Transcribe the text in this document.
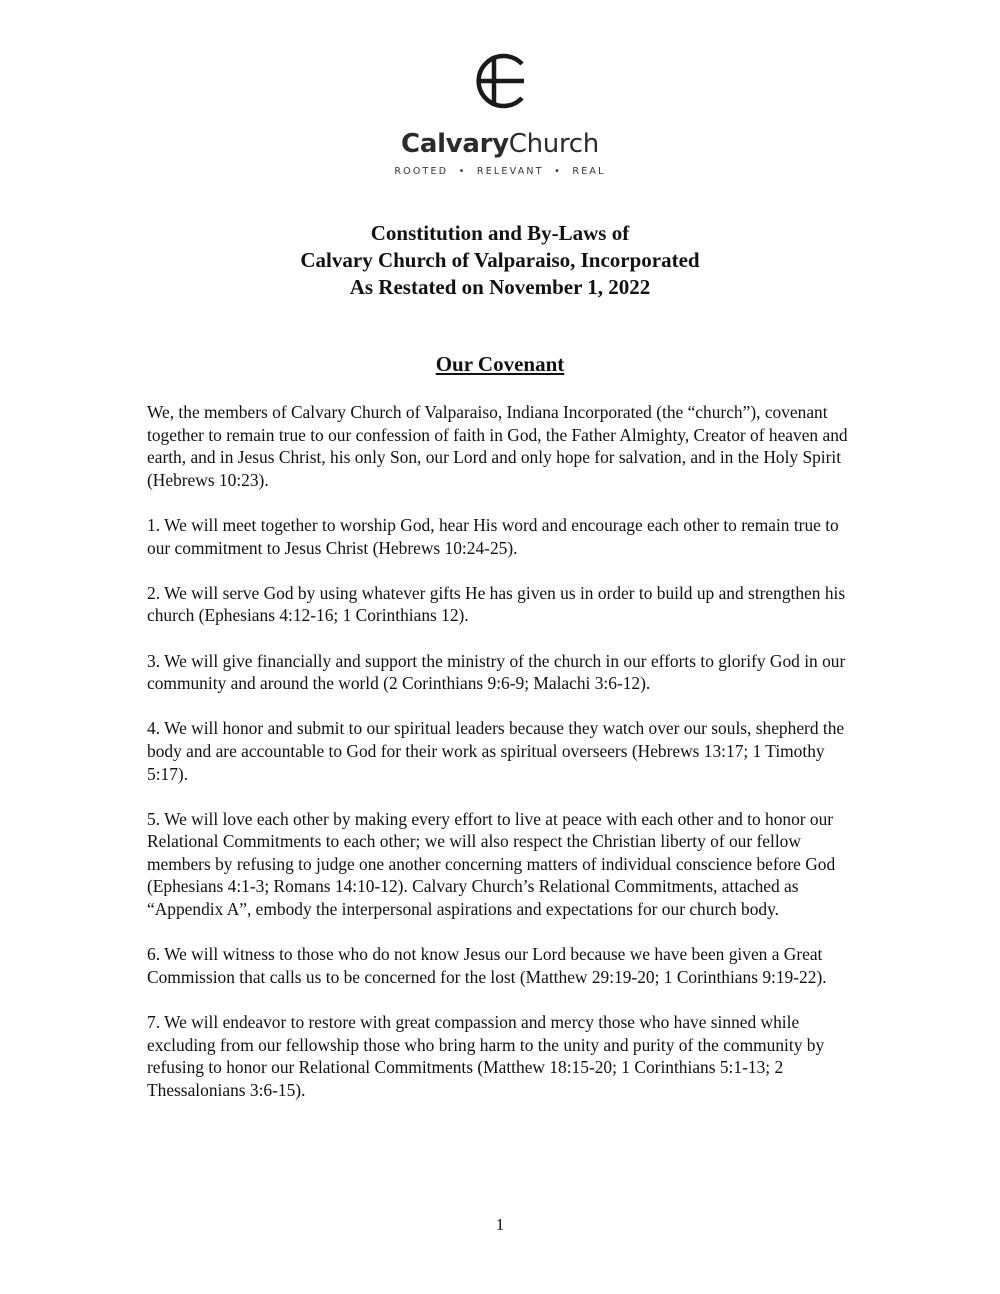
CalvaryChurch
ROOTED  •  RELEVANT  •  REAL
Constitution and By-Laws of
Calvary Church of Valparaiso, Incorporated
As Restated on November 1, 2022
Our Covenant

We, the members of Calvary Church of Valparaiso, Indiana Incorporated (the “church”), covenant together to remain true to our confession of faith in God, the Father Almighty, Creator of heaven and earth, and in Jesus Christ, his only Son, our Lord and only hope for salvation, and in the Holy Spirit (Hebrews 10:23).

1. We will meet together to worship God, hear His word and encourage each other to remain true to our commitment to Jesus Christ (Hebrews 10:24-25).

2. We will serve God by using whatever gifts He has given us in order to build up and strengthen his church (Ephesians 4:12-16; 1 Corinthians 12).

3. We will give financially and support the ministry of the church in our efforts to glorify God in our community and around the world (2 Corinthians 9:6-9; Malachi 3:6-12).

4. We will honor and submit to our spiritual leaders because they watch over our souls, shepherd the body and are accountable to God for their work as spiritual overseers (Hebrews 13:17; 1 Timothy 5:17).

5. We will love each other by making every effort to live at peace with each other and to honor our Relational Commitments to each other; we will also respect the Christian liberty of our fellow members by refusing to judge one another concerning matters of individual conscience before God (Ephesians 4:1-3; Romans 14:10-12). Calvary Church’s Relational Commitments, attached as “Appendix A”, embody the interpersonal aspirations and expectations for our church body.

6. We will witness to those who do not know Jesus our Lord because we have been given a Great Commission that calls us to be concerned for the lost (Matthew 29:19-20; 1 Corinthians 9:19-22).

7. We will endeavor to restore with great compassion and mercy those who have sinned while excluding from our fellowship those who bring harm to the unity and purity of the community by refusing to honor our Relational Commitments (Matthew 18:15-20; 1 Corinthians 5:1-13; 2 Thessalonians 3:6-15).

1
